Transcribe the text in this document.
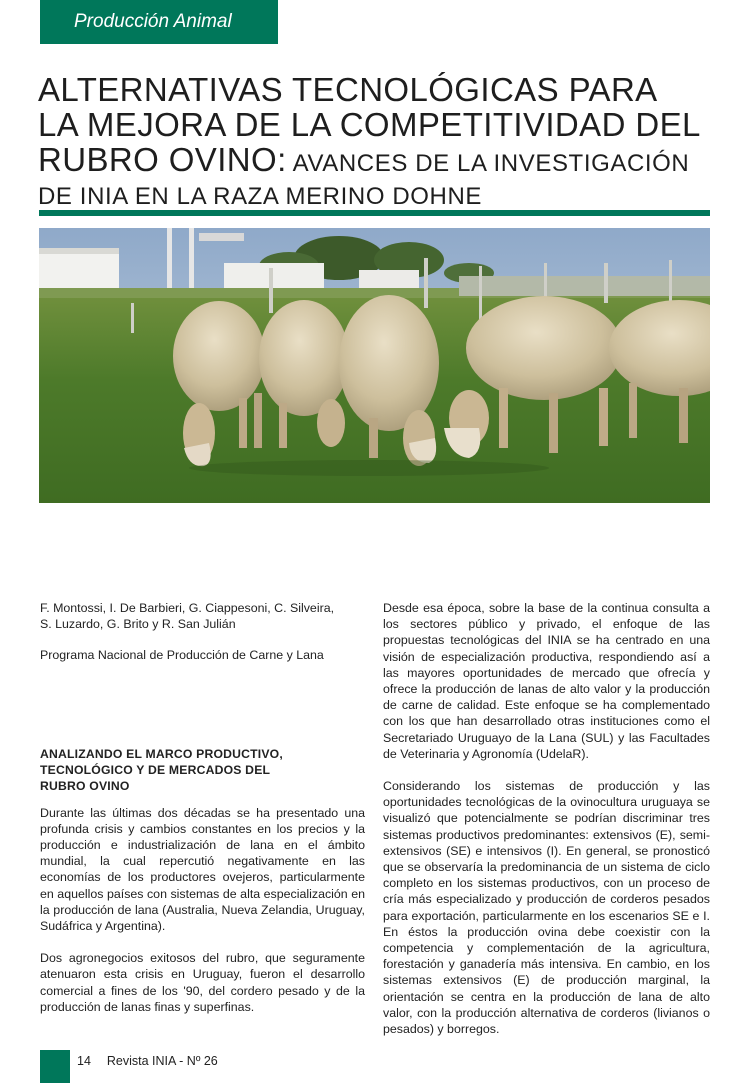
Producción Animal
ALTERNATIVAS TECNOLÓGICAS PARA
LA MEJORA DE LA COMPETITIVIDAD DEL
RUBRO OVINO: AVANCES DE LA INVESTIGACIÓN
DE INIA EN LA RAZA MERINO DOHNE
F. Montossi, I. De Barbieri, G. Ciappesoni, C. Silveira,
S. Luzardo, G. Brito y R. San Julián
Programa Nacional de Producción de Carne y Lana
ANALIZANDO EL MARCO PRODUCTIVO,
TECNOLÓGICO Y DE MERCADOS DEL
RUBRO OVINO

Durante las últimas dos décadas se ha presentado una profunda crisis y cambios constantes en los precios y la producción e industrialización de lana en el ámbito mundial, la cual repercutió negativamente en las economías de los productores ovejeros, particularmente en aquellos países con sistemas de alta especialización en la producción de lana (Australia, Nueva Zelandia, Uruguay, Sudáfrica y Argentina).

Dos agronegocios exitosos del rubro, que seguramente atenuaron esta crisis en Uruguay, fueron el desarrollo comercial a fines de los '90, del cordero pesado y de la producción de lanas finas y superfinas.

Desde esa época, sobre la base de la continua consulta a los sectores público y privado, el enfoque de las propuestas tecnológicas del INIA se ha centrado en una visión de especialización productiva, respondiendo así a las mayores oportunidades de mercado que ofrecía y ofrece la producción de lanas de alto valor y la producción de carne de calidad. Este enfoque se ha complementado con los que han desarrollado otras instituciones como el Secretariado Uruguayo de la Lana (SUL) y las Facultades de Veterinaria y Agronomía (UdelaR).

Considerando los sistemas de producción y las oportunidades tecnológicas de la ovinocultura uruguaya se visualizó que potencialmente se podrían discriminar tres sistemas productivos predominantes: extensivos (E), semi-extensivos (SE) e intensivos (I). En general, se pronosticó que se observaría la predominancia de un sistema de ciclo completo en los sistemas productivos, con un proceso de cría más especializado y producción de corderos pesados para exportación, particularmente en los escenarios SE e I. En éstos la producción ovina debe coexistir con la competencia y complementación de la agricultura, forestación y ganadería más intensiva. En cambio, en los sistemas extensivos (E) de producción marginal, la orientación se centra en la producción de lana de alto valor, con la producción alternativa de corderos (livianos o pesados) y borregos.

14 Revista INIA - Nº 26
